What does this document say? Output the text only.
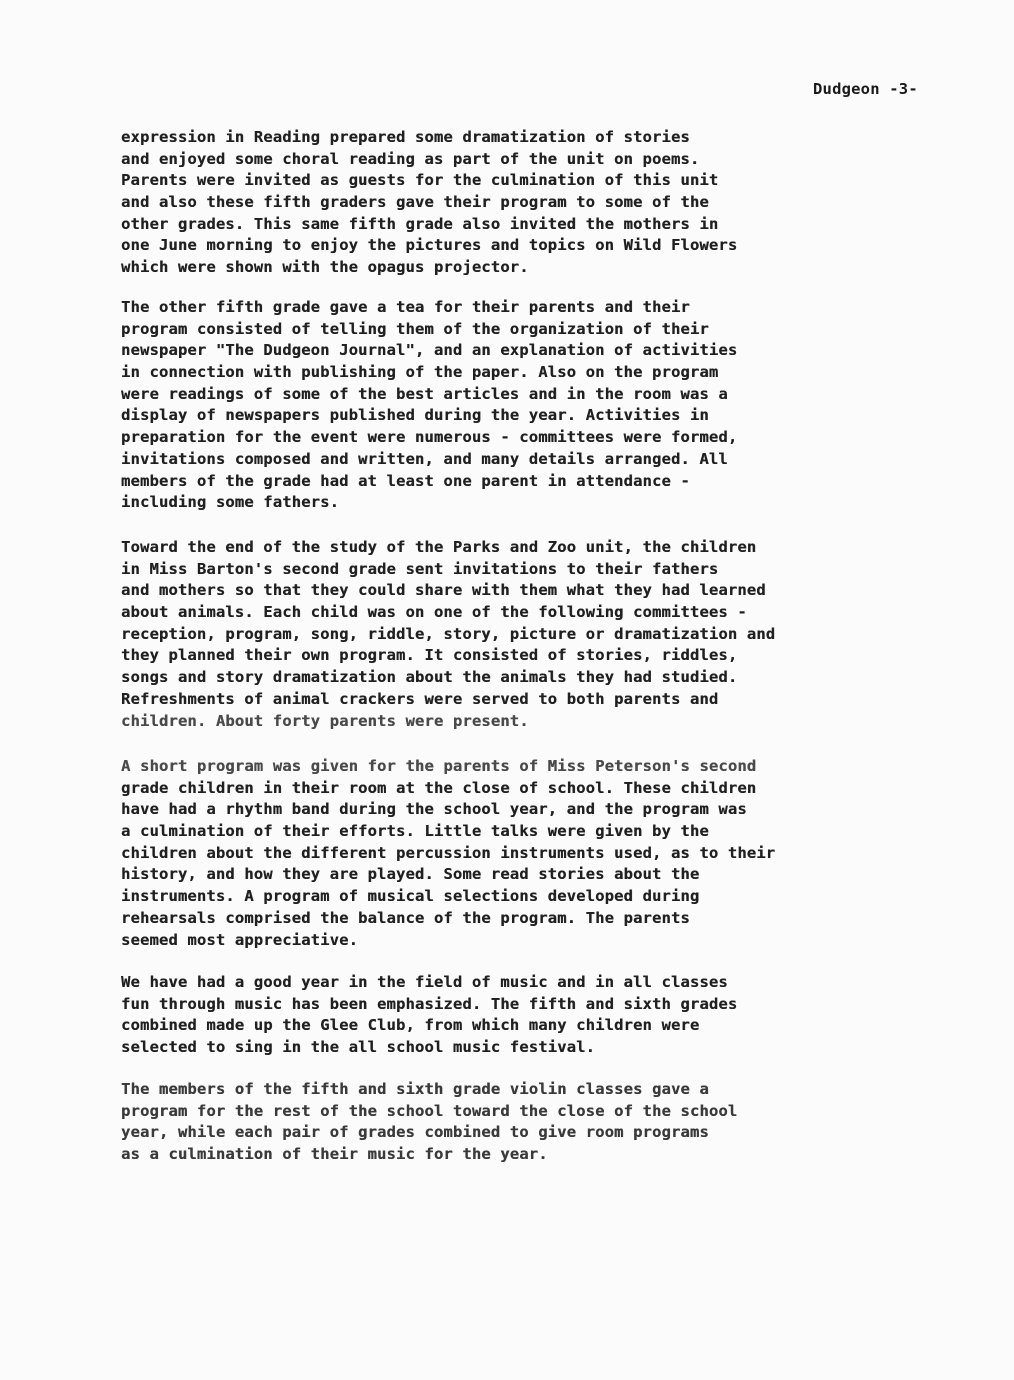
Dudgeon -3-
expression in Reading prepared some dramatization of stories
and enjoyed some choral reading as part of the unit on poems.
Parents were invited as guests for the culmination of this unit
and also these fifth graders gave their program to some of the
other grades. This same fifth grade also invited the mothers in
one June morning to enjoy the pictures and topics on Wild Flowers
which were shown with the opagus projector.
The other fifth grade gave a tea for their parents and their
program consisted of telling them of the organization of their
newspaper "The Dudgeon Journal", and an explanation of activities
in connection with publishing of the paper. Also on the program
were readings of some of the best articles and in the room was a
display of newspapers published during the year. Activities in
preparation for the event were numerous - committees were formed,
invitations composed and written, and many details arranged. All
members of the grade had at least one parent in attendance -
including some fathers.
Toward the end of the study of the Parks and Zoo unit, the children
in Miss Barton's second grade sent invitations to their fathers
and mothers so that they could share with them what they had learned
about animals. Each child was on one of the following committees -
reception, program, song, riddle, story, picture or dramatization and
they planned their own program. It consisted of stories, riddles,
songs and story dramatization about the animals they had studied.
Refreshments of animal crackers were served to both parents and
children. About forty parents were present.
A short program was given for the parents of Miss Peterson's second
grade children in their room at the close of school. These children
have had a rhythm band during the school year, and the program was
a culmination of their efforts. Little talks were given by the
children about the different percussion instruments used, as to their
history, and how they are played. Some read stories about the
instruments. A program of musical selections developed during
rehearsals comprised the balance of the program. The parents
seemed most appreciative.
We have had a good year in the field of music and in all classes
fun through music has been emphasized. The fifth and sixth grades
combined made up the Glee Club, from which many children were
selected to sing in the all school music festival.
The members of the fifth and sixth grade violin classes gave a
program for the rest of the school toward the close of the school
year, while each pair of grades combined to give room programs
as a culmination of their music for the year.
